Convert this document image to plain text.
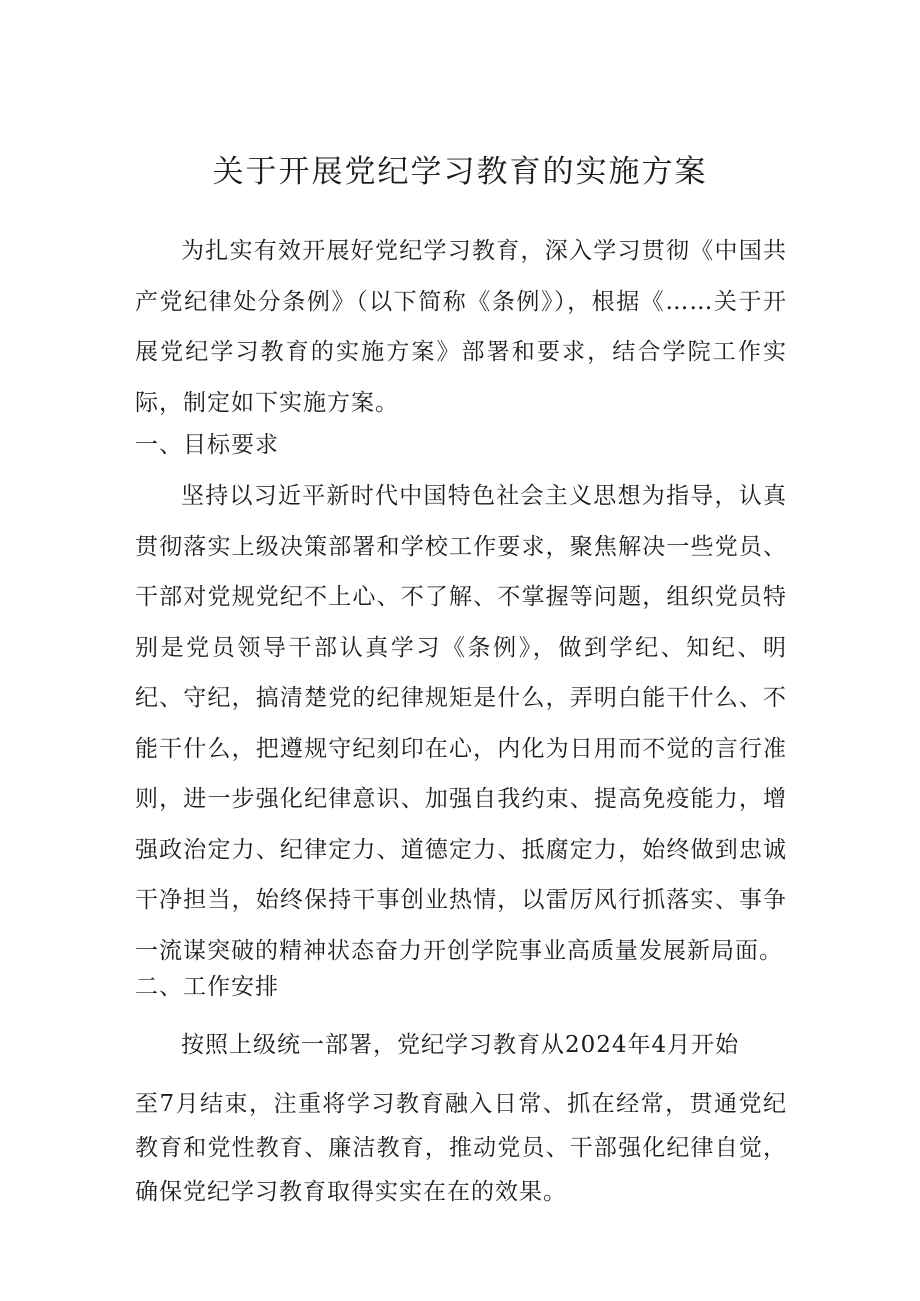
关于开展党纪学习教育的实施方案

为扎实有效开展好党纪学习教育，深入学习贯彻《中国共产党纪律处分条例》（以下简称《条例》），根据《……关于开展党纪学习教育的实施方案》部署和要求，结合学院工作实际，制定如下实施方案。

一、目标要求

坚持以习近平新时代中国特色社会主义思想为指导，认真贯彻落实上级决策部署和学校工作要求，聚焦解决一些党员、干部对党规党纪不上心、不了解、不掌握等问题，组织党员特别是党员领导干部认真学习《条例》，做到学纪、知纪、明纪、守纪，搞清楚党的纪律规矩是什么，弄明白能干什么、不能干什么，把遵规守纪刻印在心，内化为日用而不觉的言行准则，进一步强化纪律意识、加强自我约束、提高免疫能力，增强政治定力、纪律定力、道德定力、抵腐定力，始终做到忠诚干净担当，始终保持干事创业热情，以雷厉风行抓落实、事争一流谋突破的精神状态奋力开创学院事业高质量发展新局面。

二、工作安排

按照上级统一部署，党纪学习教育从2024年4月开始

至7月结束，注重将学习教育融入日常、抓在经常，贯通党纪教育和党性教育、廉洁教育，推动党员、干部强化纪律自觉，确保党纪学习教育取得实实在在的效果。
